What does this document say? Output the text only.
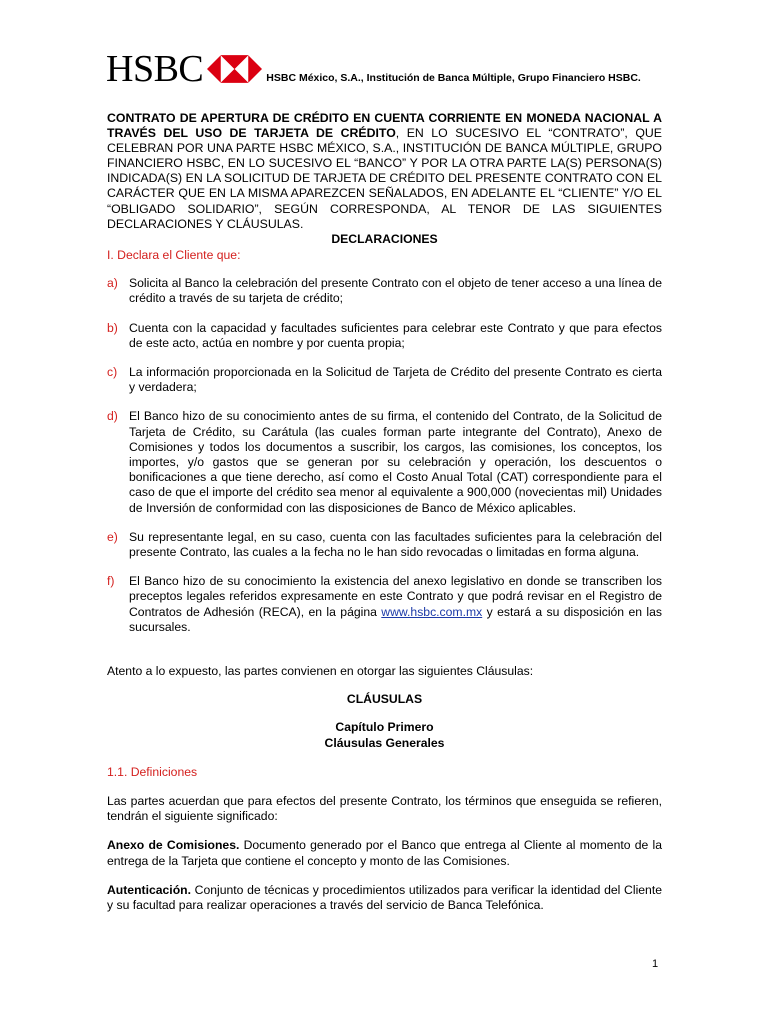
HSBC	HSBC México, S.A., Institución de Banca Múltiple, Grupo Financiero HSBC.

CONTRATO DE APERTURA DE CRÉDITO EN CUENTA CORRIENTE EN MONEDA NACIONAL A TRAVÉS DEL USO DE TARJETA DE CRÉDITO, EN LO SUCESIVO EL “CONTRATO”, QUE CELEBRAN POR UNA PARTE HSBC MÉXICO, S.A., INSTITUCIÓN DE BANCA MÚLTIPLE, GRUPO FINANCIERO HSBC, EN LO SUCESIVO EL “BANCO” Y POR LA OTRA PARTE LA(S) PERSONA(S) INDICADA(S) EN LA SOLICITUD DE TARJETA DE CRÉDITO DEL PRESENTE CONTRATO CON EL CARÁCTER QUE EN LA MISMA APAREZCEN SEÑALADOS, EN ADELANTE EL “CLIENTE” Y/O EL “OBLIGADO SOLIDARIO”, SEGÚN CORRESPONDA, AL TENOR DE LAS SIGUIENTES DECLARACIONES Y CLÁUSULAS.

DECLARACIONES
I. Declara el Cliente que:
a) Solicita al Banco la celebración del presente Contrato con el objeto de tener acceso a una línea de crédito a través de su tarjeta de crédito;
b) Cuenta con la capacidad y facultades suficientes para celebrar este Contrato y que para efectos de este acto, actúa en nombre y por cuenta propia;
c) La información proporcionada en la Solicitud de Tarjeta de Crédito del presente Contrato es cierta y verdadera;
d) El Banco hizo de su conocimiento antes de su firma, el contenido del Contrato, de la Solicitud de Tarjeta de Crédito, su Carátula (las cuales forman parte integrante del Contrato), Anexo de Comisiones y todos los documentos a suscribir, los cargos, las comisiones, los conceptos, los importes, y/o gastos que se generan por su celebración y operación, los descuentos o bonificaciones a que tiene derecho, así como el Costo Anual Total (CAT) correspondiente para el caso de que el importe del crédito sea menor al equivalente a 900,000 (novecientas mil) Unidades de Inversión de conformidad con las disposiciones de Banco de México aplicables.
e) Su representante legal, en su caso, cuenta con las facultades suficientes para la celebración del presente Contrato, las cuales a la fecha no le han sido revocadas o limitadas en forma alguna.
f)	El Banco hizo de su conocimiento la existencia del anexo legislativo en donde se transcriben los preceptos legales referidos expresamente en este Contrato y que podrá revisar en el Registro de Contratos de Adhesión (RECA), en la página www.hsbc.com.mx y estará a su disposición en las sucursales.
Atento a lo expuesto, las partes convienen en otorgar las siguientes Cláusulas:
CLÁUSULAS
Capítulo Primero
Cláusulas Generales
1.1. Definiciones
Las partes acuerdan que para efectos del presente Contrato, los términos que enseguida se refieren, tendrán el siguiente significado:
Anexo de Comisiones. Documento generado por el Banco que entrega al Cliente al momento de la entrega de la Tarjeta que contiene el concepto y monto de las Comisiones.
Autenticación. Conjunto de técnicas y procedimientos utilizados para verificar la identidad del Cliente y su facultad para realizar operaciones a través del servicio de Banca Telefónica.
1
